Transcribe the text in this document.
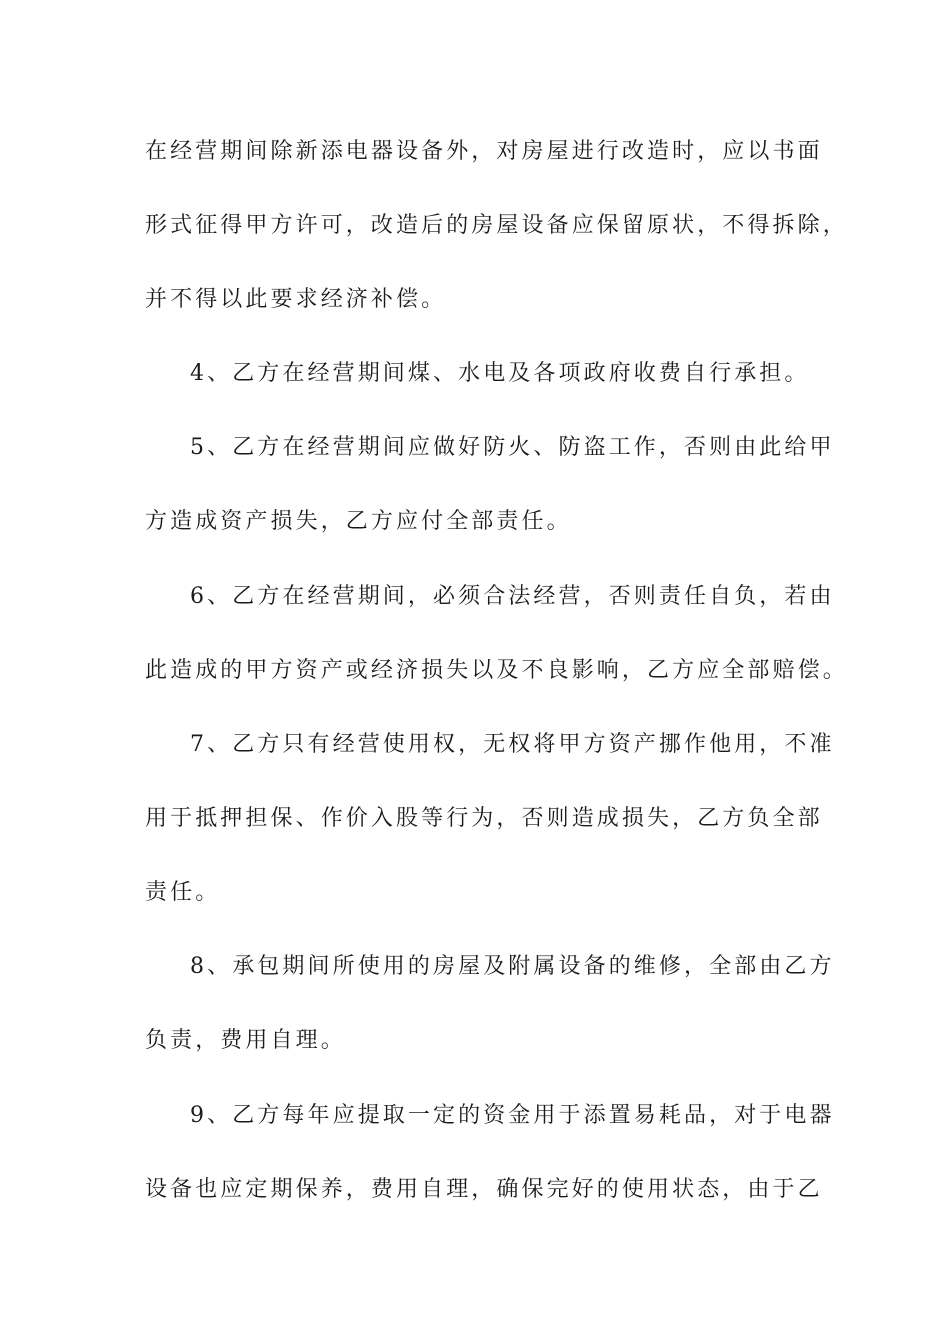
在经营期间除新添电器设备外，对房屋进行改造时，应以书面
形式征得甲方许可，改造后的房屋设备应保留原状，不得拆除，
并不得以此要求经济补偿。
4、乙方在经营期间煤、水电及各项政府收费自行承担。
5、乙方在经营期间应做好防火、防盗工作，否则由此给甲
方造成资产损失，乙方应付全部责任。
6、乙方在经营期间，必须合法经营，否则责任自负，若由
此造成的甲方资产或经济损失以及不良影响，乙方应全部赔偿。
7、乙方只有经营使用权，无权将甲方资产挪作他用，不准
用于抵押担保、作价入股等行为，否则造成损失，乙方负全部
责任。
8、承包期间所使用的房屋及附属设备的维修，全部由乙方
负责，费用自理。
9、乙方每年应提取一定的资金用于添置易耗品，对于电器
设备也应定期保养，费用自理，确保完好的使用状态，由于乙
